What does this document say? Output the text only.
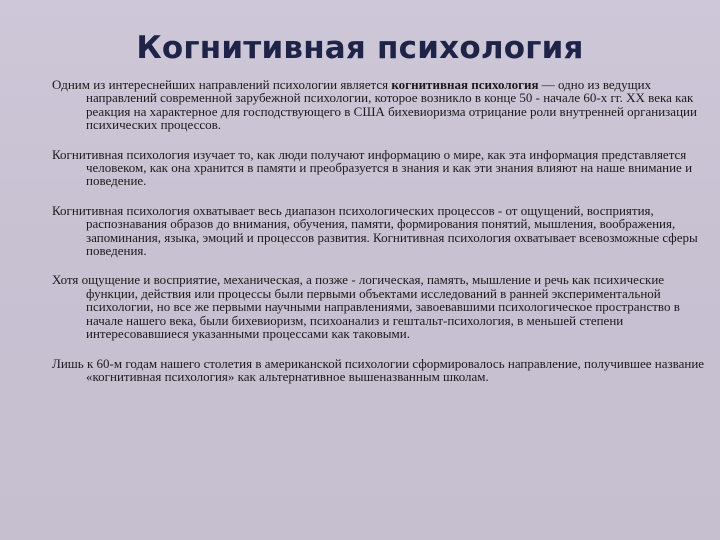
Когнитивная психология

Одним из интереснейших направлений психологии является когнитивная психология — одно из ведущих направлений современной зарубежной психологии, которое возникло в конце 50 - начале 60-х гг. XX века как реакция на характерное для господствующего в США бихевиоризма отрицание роли внутренней организации психических процессов.

Когнитивная психология изучает то, как люди получают информацию о мире, как эта информация представляется человеком, как она хранится в памяти и преобразуется в знания и как эти знания влияют на наше внимание и поведение.

Когнитивная психология охватывает весь диапазон психологических процессов - от ощущений, восприятия, распознавания образов до внимания, обучения, памяти, формирования понятий, мышления, воображения, запоминания, языка, эмоций и процессов развития. Когнитивная психология охватывает всевозможные сферы поведения.

Хотя ощущение и восприятие, механическая, а позже - логическая, память, мышление и речь как психические функции, действия или процессы были первыми объектами исследований в ранней экспериментальной психологии, но все же первыми научными направлениями, завоевавшими психологическое пространство в начале нашего века, были бихевиоризм, психоанализ и гештальт-психология, в меньшей степени интересовавшиеся указанными процессами как таковыми.

Лишь к 60-м годам нашего столетия в американской психологии сформировалось направление, получившее название «когнитивная психология» как альтернативное вышеназванным школам.
